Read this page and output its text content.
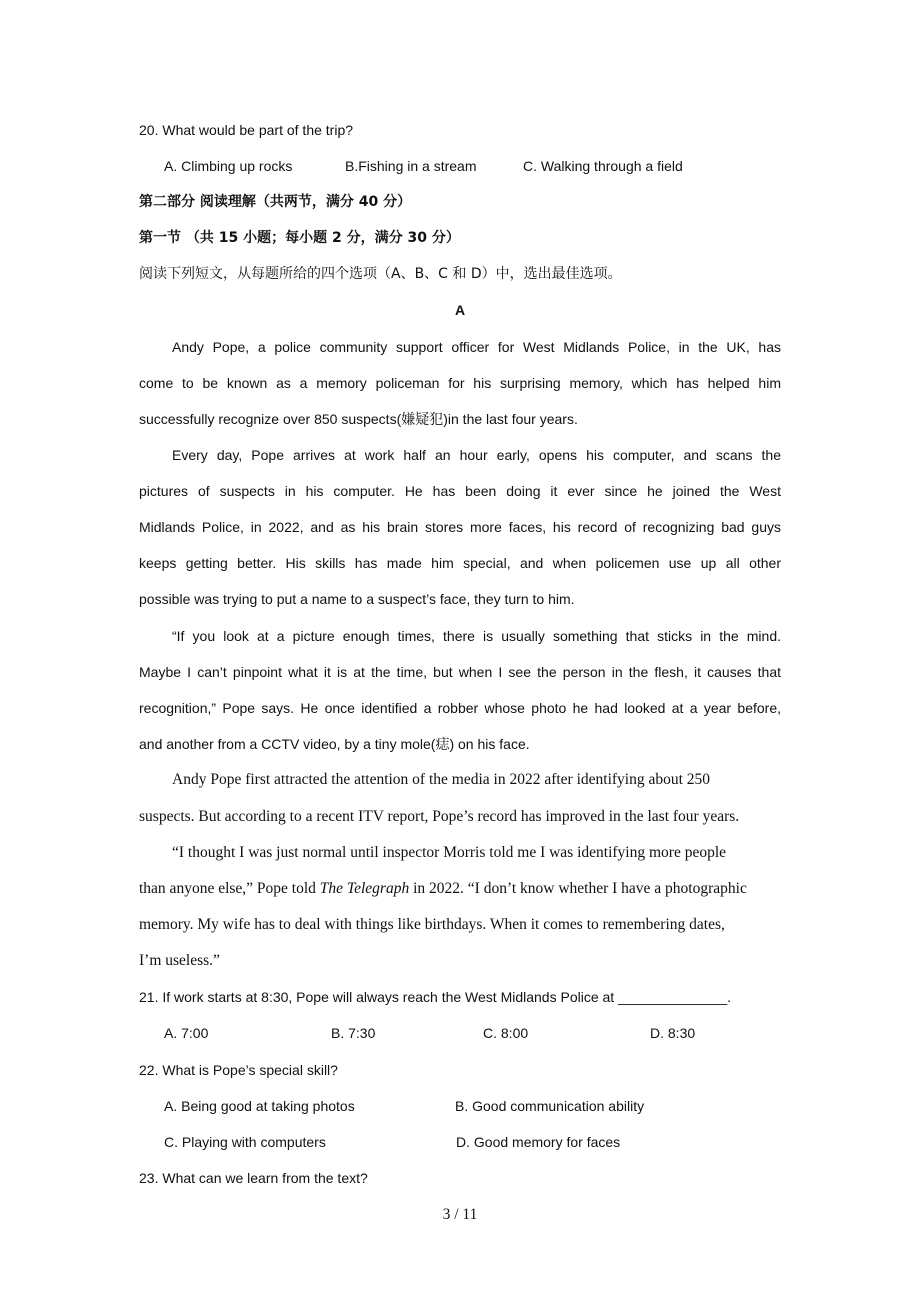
20. What would be part of the trip?
A. Climbing up rocks	B.Fishing in a stream	C. Walking through a field
第二部分 阅读理解（共两节，满分 40 分）
第一节 （共 15 小题；每小题 2 分，满分 30 分）
阅读下列短文，从每题所给的四个选项（A、B、C 和 D）中，选出最佳选项。
A
Andy Pope, a police community support officer for West Midlands Police, in the UK, has
come to be known as a memory policeman for his surprising memory, which has helped him
successfully recognize over 850 suspects(嫌疑犯)in the last four years.
Every day, Pope arrives at work half an hour early, opens his computer, and scans the
pictures of suspects in his computer. He has been doing it ever since he joined the West
Midlands Police, in 2022, and as his brain stores more faces, his record of recognizing bad guys
keeps getting better. His skills has made him special, and when policemen use up all other
possible was trying to put a name to a suspect’s face, they turn to him.
“If you look at a picture enough times, there is usually something that sticks in the mind.
Maybe I can’t pinpoint what it is at the time, but when I see the person in the flesh, it causes that
recognition,” Pope says. He once identified a robber whose photo he had looked at a year before,
and another from a CCTV video, by a tiny mole(痣) on his face.
Andy Pope first attracted the attention of the media in 2022 after identifying about 250
suspects. But according to a recent ITV report, Pope’s record has improved in the last four years.
“I thought I was just normal until inspector Morris told me I was identifying more people
than anyone else,” Pope told The Telegraph in 2022. “I don’t know whether I have a photographic
memory. My wife has to deal with things like birthdays. When it comes to remembering dates,
I’m useless.”
21. If work starts at 8:30, Pope will always reach the West Midlands Police at ______________.
A. 7:00	B. 7:30	C. 8:00	D. 8:30
22. What is Pope’s special skill?
A. Being good at taking photos	B. Good communication ability
C. Playing with computers	D. Good memory for faces
23. What can we learn from the text?
3 / 11
